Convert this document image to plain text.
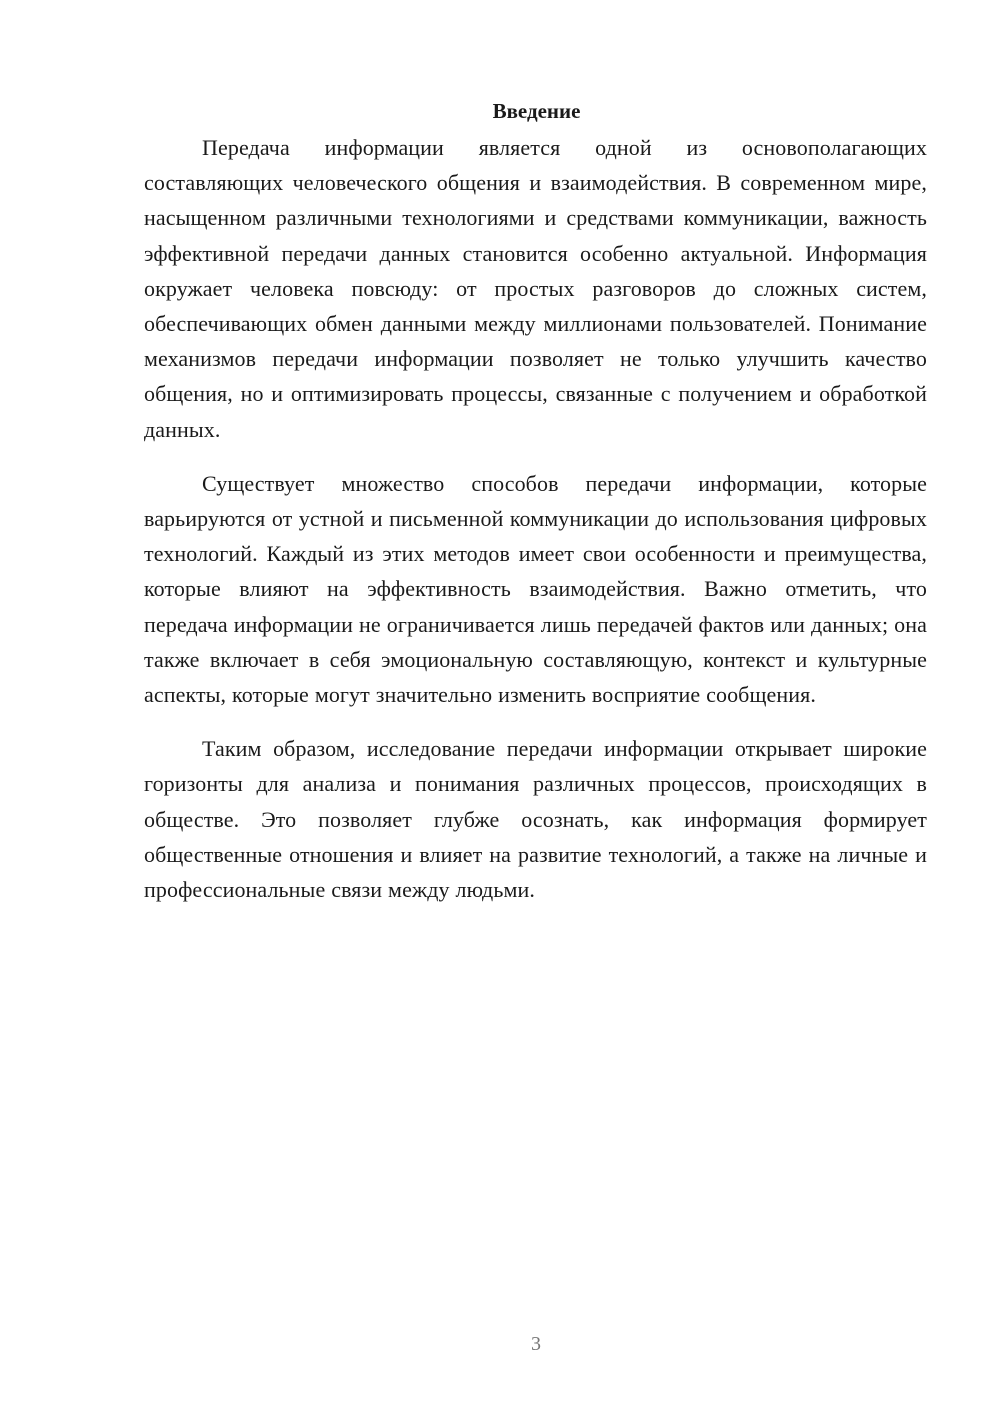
Введение

Передача информации является одной из основополагающих составляющих человеческого общения и взаимодействия. В современном мире, насыщенном различными технологиями и средствами коммуникации, важность эффективной передачи данных становится особенно актуальной. Информация окружает человека повсюду: от простых разговоров до сложных систем, обеспечивающих обмен данными между миллионами пользователей. Понимание механизмов передачи информации позволяет не только улучшить качество общения, но и оптимизировать процессы, связанные с получением и обработкой данных.

Существует множество способов передачи информации, которые варьируются от устной и письменной коммуникации до использования цифровых технологий. Каждый из этих методов имеет свои особенности и преимущества, которые влияют на эффективность взаимодействия. Важно отметить, что передача информации не ограничивается лишь передачей фактов или данных; она также включает в себя эмоциональную составляющую, контекст и культурные аспекты, которые могут значительно изменить восприятие сообщения.

Таким образом, исследование передачи информации открывает широкие горизонты для анализа и понимания различных процессов, происходящих в обществе. Это позволяет глубже осознать, как информация формирует общественные отношения и влияет на развитие технологий, а также на личные и профессиональные связи между людьми.

3
